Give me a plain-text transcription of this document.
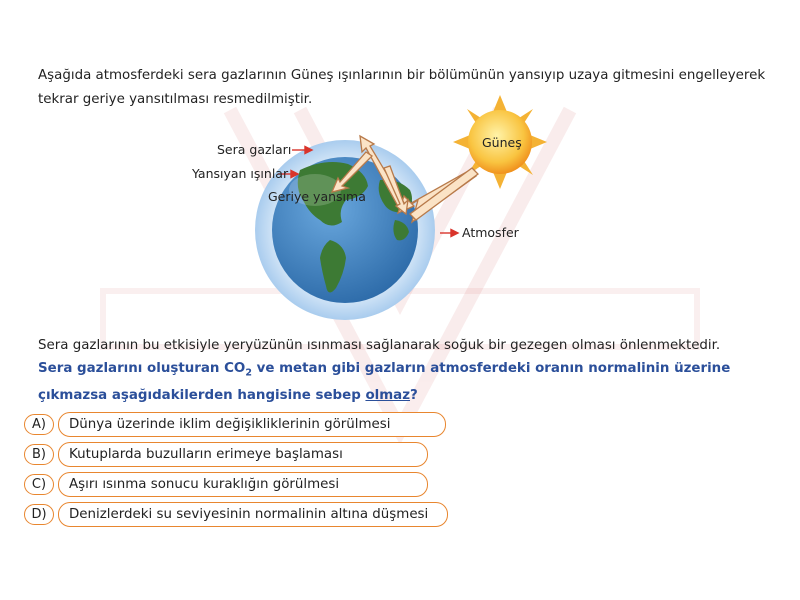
Aşağıda atmosferdeki sera gazlarının Güneş ışınlarının bir bölümünün yansıyıp uzaya gitmesini engelleyerek tekrar geriye yansıtılması resmedilmiştir.
Sera gazları
Yansıyan ışınlar
Geriye yansıma
Güneş
Atmosfer
Sera gazlarının bu etkisiyle yeryüzünün ısınması sağlanarak soğuk bir gezegen olması önlenmektedir.
Sera gazlarını oluşturan $CO_2$ ve metan gibi gazların atmosferdeki oranın normalinin üzerine çıkmazsa aşağıdakilerden hangisine sebep olmaz?
A)	Dünya üzerinde iklim değişikliklerinin görülmesi
B)	Kutuplarda buzulların erimeye başlaması
C)	Aşırı ısınma sonucu kuraklığın görülmesi
D)	Denizlerdeki su seviyesinin normalinin altına düşmesi
